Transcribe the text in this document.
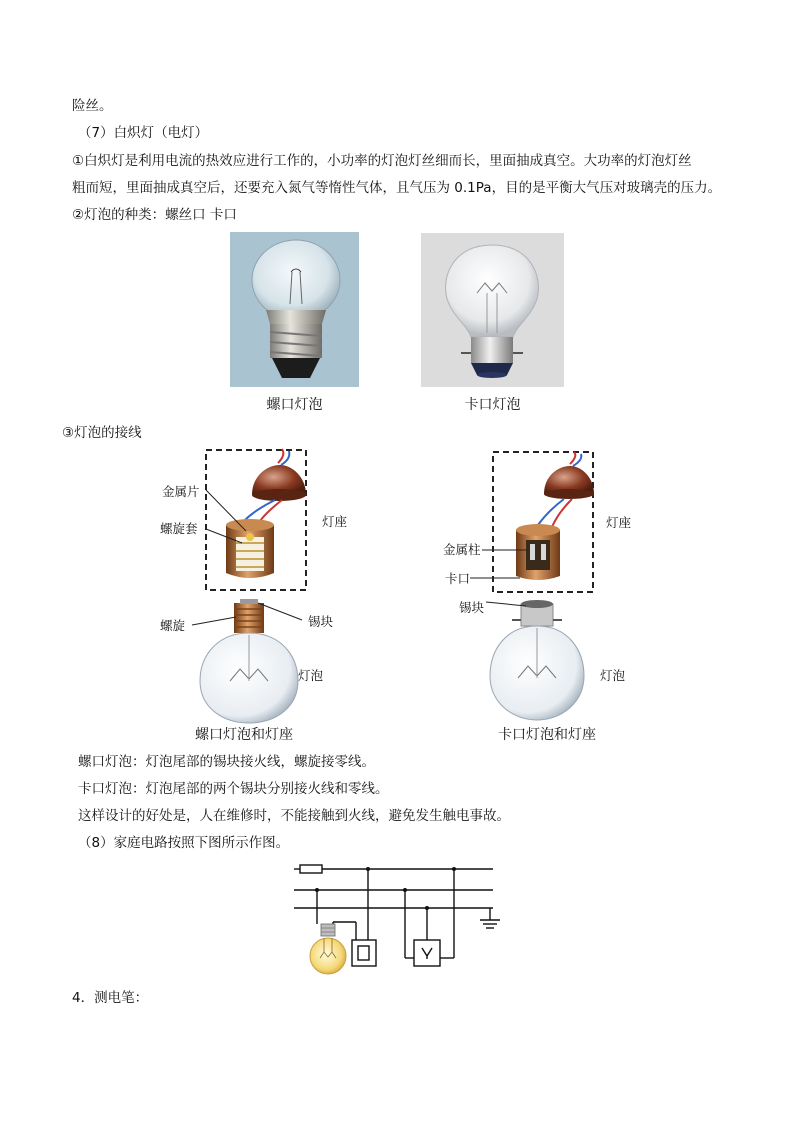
险丝。
（7）白炽灯（电灯）
①白炽灯是利用电流的热效应进行工作的，小功率的灯泡灯丝细而长，里面抽成真空。大功率的灯泡灯丝
粗而短，里面抽成真空后，还要充入氮气等惰性气体，且气压为 0.1Pa，目的是平衡大气压对玻璃壳的压力。
②灯泡的种类：螺丝口 卡口
螺口灯泡	卡口灯泡
③灯泡的接线
金属片
螺旋套	灯座
螺旋	锡块
灯泡
螺口灯泡和灯座
金属柱
卡口
灯座
锡块
灯泡
卡口灯泡和灯座
螺口灯泡：灯泡尾部的锡块接火线，螺旋接零线。
卡口灯泡：灯泡尾部的两个锡块分别接火线和零线。
这样设计的好处是，人在维修时，不能接触到火线，避免发生触电事故。
（8）家庭电路按照下图所示作图。
4．测电笔：
